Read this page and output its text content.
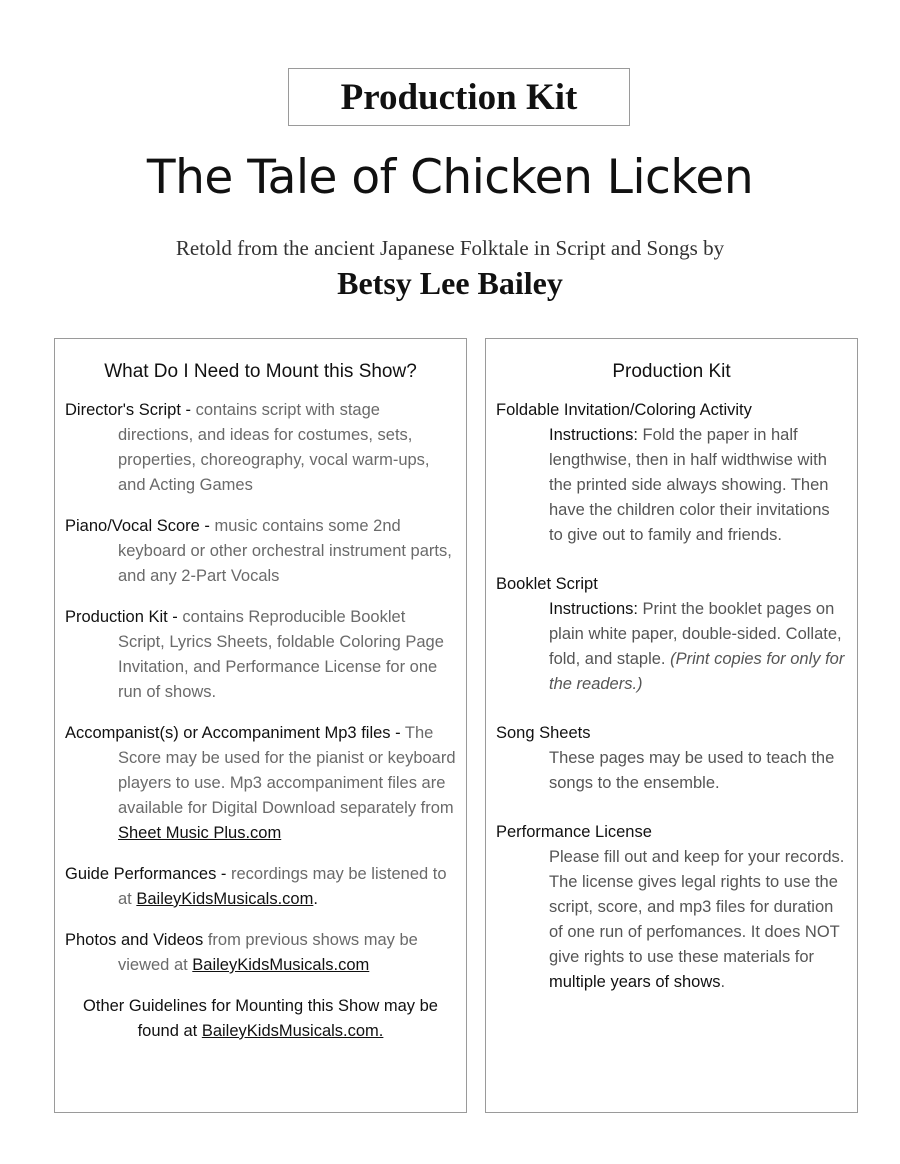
Production Kit
The Tale of Chicken Licken
Retold from the ancient Japanese Folktale in Script and Songs by
Betsy Lee Bailey
What Do I Need to Mount this Show?
Director's Script - contains script with stage directions, and ideas for costumes, sets, properties, choreography, vocal warm-ups, and Acting Games
Piano/Vocal Score - music contains some 2nd keyboard or other orchestral instrument parts, and any 2-Part Vocals
Production Kit - contains Reproducible Booklet Script, Lyrics Sheets, foldable Coloring Page Invitation, and Performance License for one run of shows.
Accompanist(s) or Accompaniment Mp3 files - The Score may be used for the pianist or keyboard players to use. Mp3 accompaniment files are available for Digital Download separately from Sheet Music Plus.com
Guide Performances - recordings may be listened to at BaileyKidsMusicals.com.
Photos and Videos from previous shows may be viewed at BaileyKidsMusicals.com
Other Guidelines for Mounting this Show may be found at BaileyKidsMusicals.com.
Production Kit
Foldable Invitation/Coloring Activity
Instructions: Fold the paper in half lengthwise, then in half widthwise with the printed side always showing. Then have the children color their invitations to give out to family and friends.
Booklet Script
Instructions: Print the booklet pages on plain white paper, double-sided. Collate, fold, and staple. (Print copies for only for the readers.)
Song Sheets
These pages may be used to teach the songs to the ensemble.
Performance License
Please fill out and keep for your records. The license gives legal rights to use the script, score, and mp3 files for duration of one run of perfomances. It does NOT give rights to use these materials for multiple years of shows.
